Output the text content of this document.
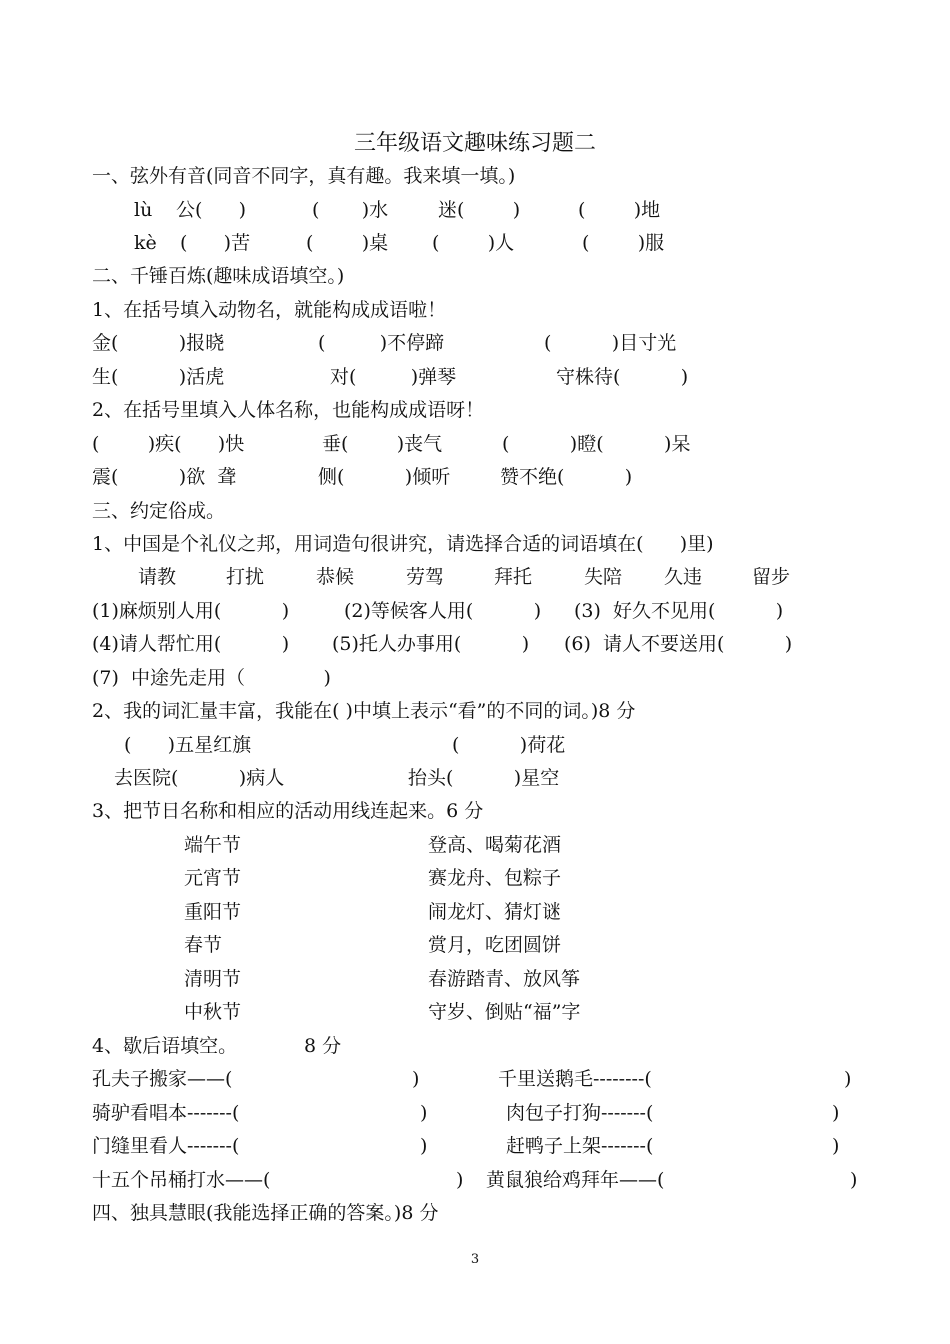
三年级语文趣味练习题二
一、弦外有音(同音不同字，真有趣。我来填一填。)
lù 公(      )	(       )水	迷(        )	(        )地
kè (      )苦	(        )桌 (        )人	(        )服
二、千锤百炼(趣味成语填空。)
1、在括号填入动物名，就能构成成语啦！
金(          )报晓	(         )不停蹄	(          )目寸光
生(          )活虎	对(         )弹琴	守株待(          )
2、在括号里填入人体名称，也能构成成语呀！
(        )疾(      )快	垂(        )丧气	(          )瞪(          )呆
震(          )欲  聋	侧(          )倾听	赞不绝(          )
三、约定俗成。
1、中国是个礼仪之邦，用词造句很讲究，请选择合适的词语填在(      )里)
请教	打扰	恭候	劳驾	拜托	失陪 久违	留步
(1)麻烦别人用(          )	(2)等候客人用(          ) (3)  好久不见用(          )
(4)请人帮忙用(          ) (5)托人办事用(          ) (6)  请人不要送用(          )
(7)  中途先走用（             )
2、我的词汇量丰富，我能在( )中填上表示“看”的不同的词。)8 分
(      )五星红旗	(          )荷花
去医院(          )病人	抬头(          )星空
3、把节日名称和相应的活动用线连起来。6 分
端午节	登高、喝菊花酒
元宵节	赛龙舟、包粽子
重阳节	闹龙灯、猜灯谜
春节	赏月，吃团圆饼
清明节	春游踏青、放风筝
中秋节	守岁、倒贴“福”字
4、歇后语填空。	8 分
孔夫子搬家——(	)	千里送鹅毛--------(	)
骑驴看唱本-------(	)	肉包子打狗-------(	)
门缝里看人-------(	)	赶鸭子上架-------(	)
十五个吊桶打水——(	) 黄鼠狼给鸡拜年——(	)
四、独具慧眼(我能选择正确的答案。)8 分
3
